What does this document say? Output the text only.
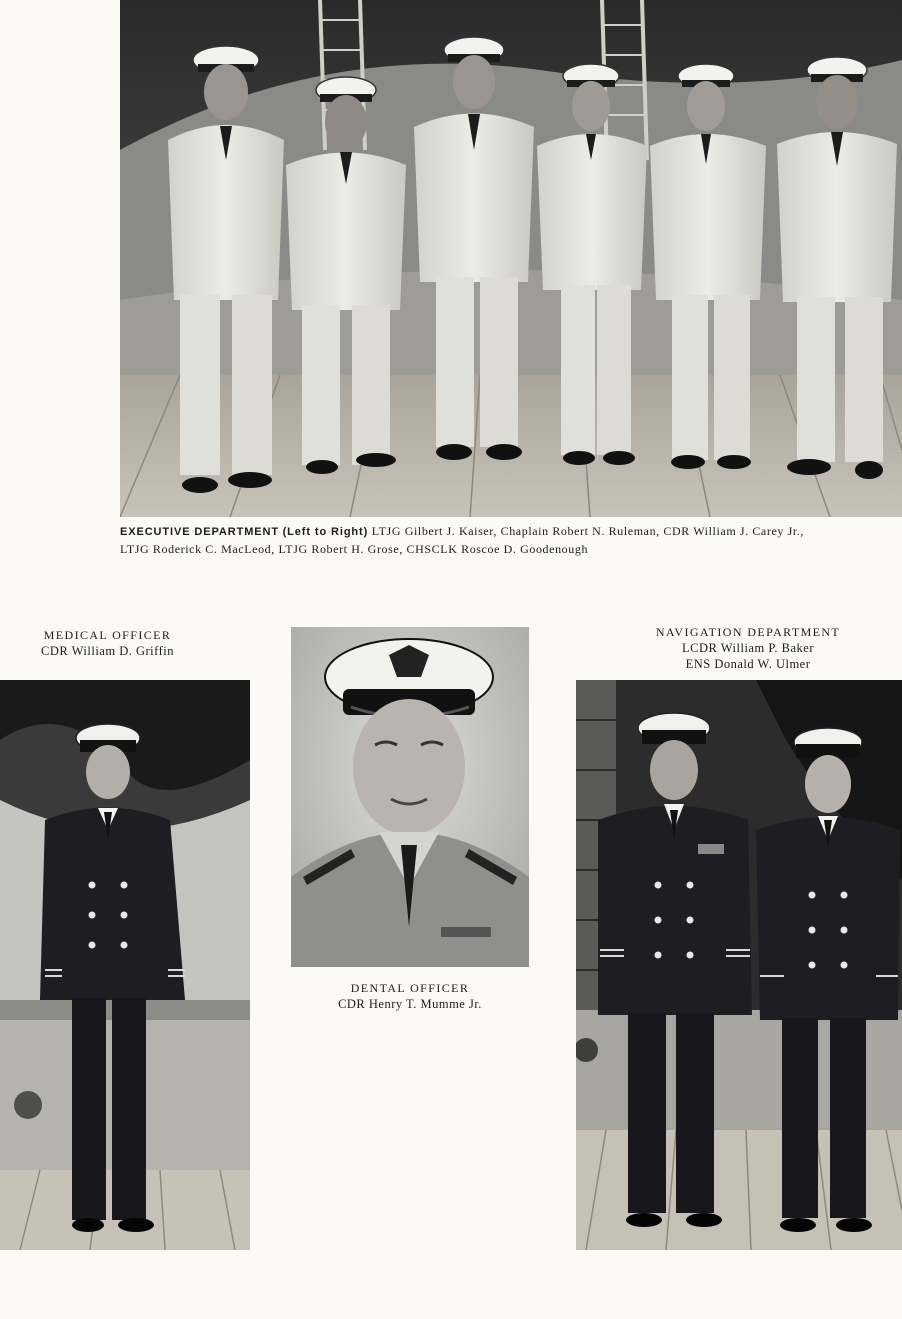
EXECUTIVE DEPARTMENT (Left to Right) LTJG Gilbert J. Kaiser, Chaplain Robert N. Ruleman, CDR William J. Carey Jr.,
LTJG Roderick C. MacLeod, LTJG Robert H. Grose, CHSCLK Roscoe D. Goodenough
MEDICAL OFFICER
CDR William D. Griffin
DENTAL OFFICER
CDR Henry T. Mumme Jr.
NAVIGATION DEPARTMENT
LCDR William P. Baker
ENS Donald W. Ulmer
